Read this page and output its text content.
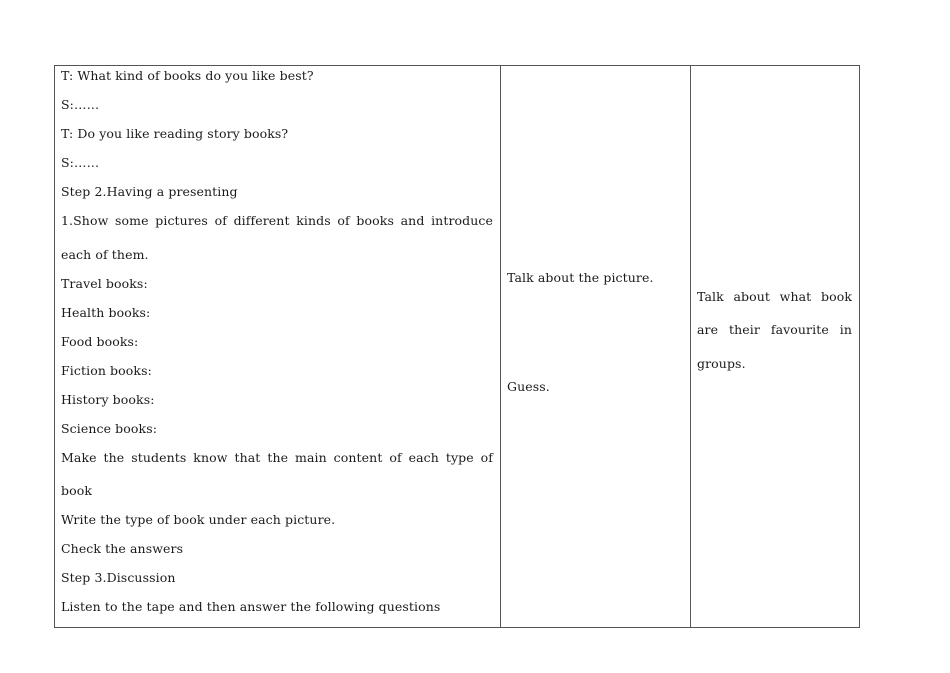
T: What kind of books do you like best?
S:……
T: Do you like reading story books?
S:……
Step 2.Having a presenting
1.Show some pictures of different kinds of books and introduce
each of them.
Travel books:
Health books:
Food books:
Fiction books:
History books:
Science books:
Make the students know that the main content of each type of
book
Write the type of book under each picture.
Check the answers
Step 3.Discussion
Listen to the tape and then answer the following questions
Talk about the picture.
Guess.
Talk about what book
are their favourite in
groups.
